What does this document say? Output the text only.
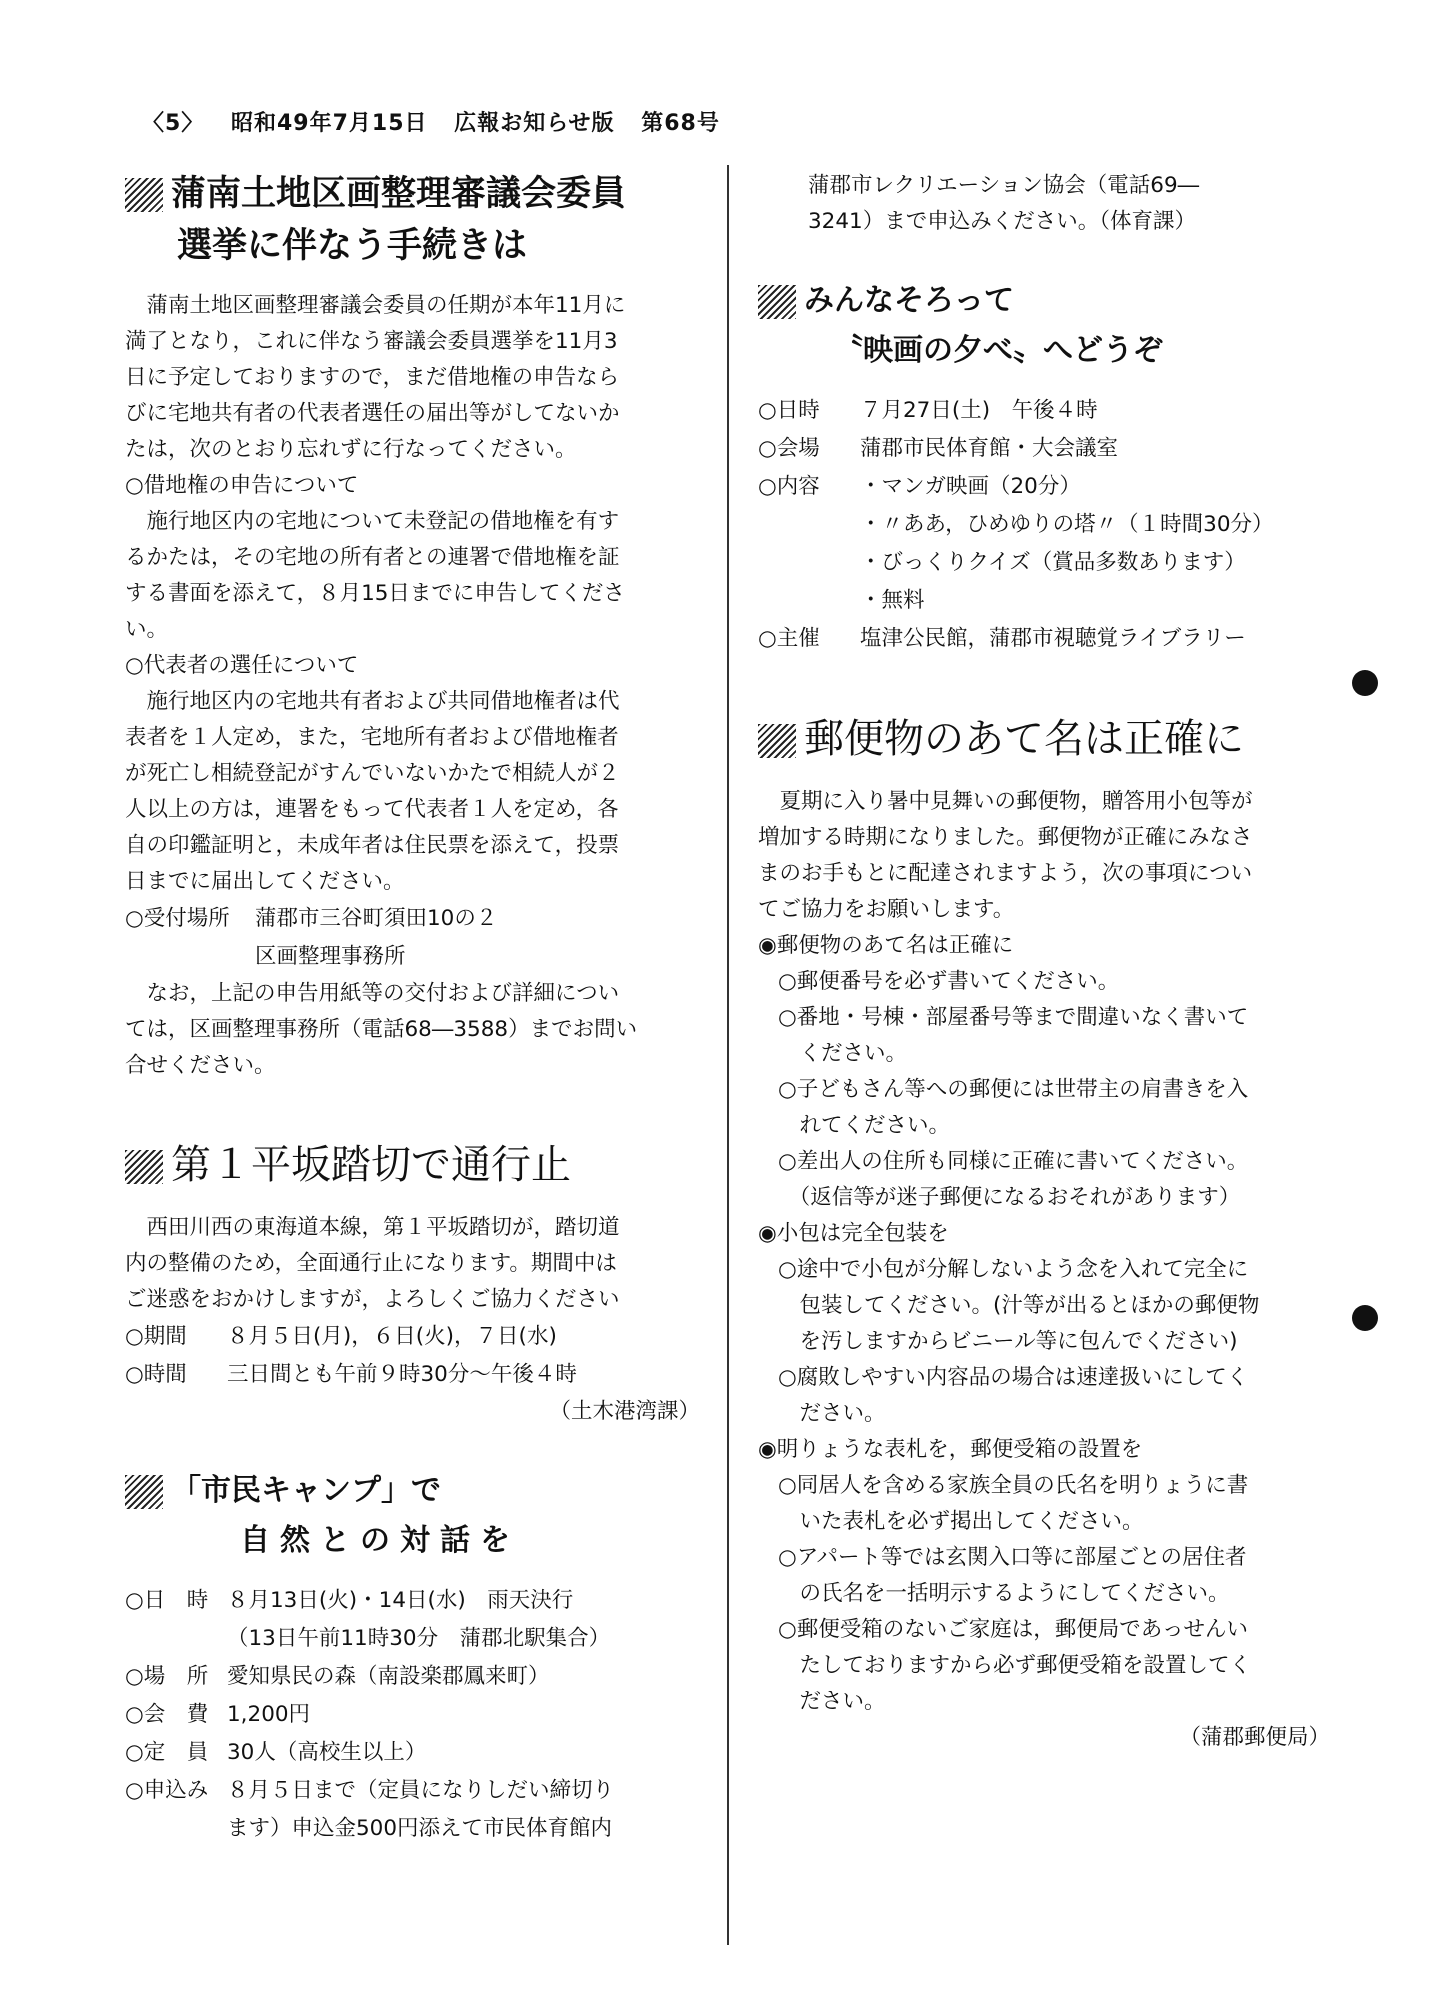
〈5〉 昭和49年7月15日 広報お知らせ版 第68号
蒲南土地区画整理審議会委員
選挙に伴なう手続きは

蒲南土地区画整理審議会委員の任期が本年11月に

満了となり，これに伴なう審議会委員選挙を11月3

日に予定しておりますので，まだ借地権の申告なら

びに宅地共有者の代表者選任の届出等がしてないか

たは，次のとおり忘れずに行なってください。

○借地権の申告について

施行地区内の宅地について未登記の借地権を有す

るかたは，その宅地の所有者との連署で借地権を証

する書面を添えて，８月15日までに申告してくださ

い。

○代表者の選任について

施行地区内の宅地共有者および共同借地権者は代

表者を１人定め，また，宅地所有者および借地権者

が死亡し相続登記がすんでいないかたで相続人が２

人以上の方は，連署をもって代表者１人を定め，各

自の印鑑証明と，未成年者は住民票を添えて，投票

日までに届出してください。

○受付場所	蒲郡市三谷町須田10の２
区画整理事務所

なお，上記の申告用紙等の交付および詳細につい

ては，区画整理事務所（電話68―3588）までお問い

合せください。

第１平坂踏切で通行止

西田川西の東海道本線，第１平坂踏切が，踏切道

内の整備のため，全面通行止になります。期間中は

ご迷惑をおかけしますが，よろしくご協力ください

○期間	８月５日(月)，６日(火)，７日(水)
○時間	三日間とも午前９時30分～午後４時

（土木港湾課）

「市民キャンプ」で
自然との対話を
○日　時 ８月13日(火)・14日(水)　雨天決行
（13日午前11時30分　蒲郡北駅集合）
○場　所 愛知県民の森（南設楽郡鳳来町）
○会　費 1,200円
○定　員 30人（高校生以上）
○申込み ８月５日まで（定員になりしだい締切り
ます）申込金500円添えて市民体育館内

蒲郡市レクリエーション協会（電話69―

3241）まで申込みください。（体育課）

みんなそろって
〝映画の夕べ〟へどうぞ
○日時	７月27日(土)　午後４時
○会場	蒲郡市民体育館・大会議室
○内容	・マンガ映画（20分）
・〃ああ，ひめゆりの塔〃（１時間30分）
・びっくりクイズ（賞品多数あります）
・無料
○主催	塩津公民館，蒲郡市視聴覚ライブラリー
郵便物のあて名は正確に

夏期に入り暑中見舞いの郵便物，贈答用小包等が

増加する時期になりました。郵便物が正確にみなさ

まのお手もとに配達されますよう，次の事項につい

てご協力をお願いします。

◉郵便物のあて名は正確に

○郵便番号を必ず書いてください。

○番地・号棟・部屋番号等まで間違いなく書いて

　ください。

○子どもさん等への郵便には世帯主の肩書きを入

　れてください。

○差出人の住所も同様に正確に書いてください。

　（返信等が迷子郵便になるおそれがあります）

◉小包は完全包装を

○途中で小包が分解しないよう念を入れて完全に

　包装してください。(汁等が出るとほかの郵便物

　を汚しますからビニール等に包んでください)

○腐敗しやすい内容品の場合は速達扱いにしてく

　ださい。

◉明りょうな表札を，郵便受箱の設置を

○同居人を含める家族全員の氏名を明りょうに書

　いた表札を必ず掲出してください。

○アパート等では玄関入口等に部屋ごとの居住者

　の氏名を一括明示するようにしてください。

○郵便受箱のないご家庭は，郵便局であっせんい

　たしておりますから必ず郵便受箱を設置してく

　ださい。

（蒲郡郵便局）
